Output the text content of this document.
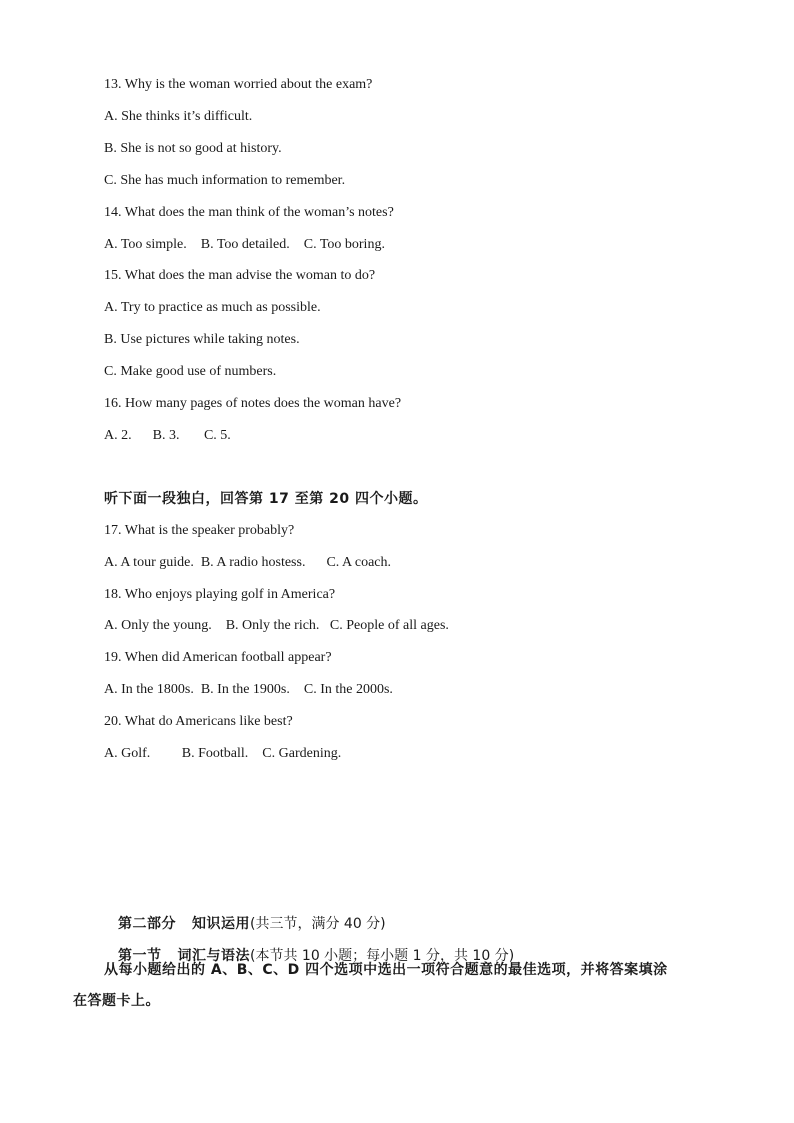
13. Why is the woman worried about the exam?
A. She thinks it’s difficult.
B. She is not so good at history.
C. She has much information to remember.
14. What does the man think of the woman’s notes?
A. Too simple.    B. Too detailed.    C. Too boring.
15. What does the man advise the woman to do?
A. Try to practice as much as possible.
B. Use pictures while taking notes.
C. Make good use of numbers.
16. How many pages of notes does the woman have?
A. 2.      B. 3.       C. 5.
听下面一段独白，回答第 17 至第 20 四个小题。
17. What is the speaker probably?
A. A tour guide.  B. A radio hostess.      C. A coach.
18. Who enjoys playing golf in America?
A. Only the young.    B. Only the rich.   C. People of all ages.
19. When did American football appear?
A. In the 1800s.  B. In the 1900s.    C. In the 2000s.
20. What do Americans like best?
A. Golf.         B. Football.    C. Gardening.

第二部分 知识运用(共三节，满分 40 分)

第一节 词汇与语法(本节共 10 小题；每小题 1 分，共 10 分)

从每小题给出的 A、B、C、D 四个选项中选出一项符合题意的最佳选项，并将答案填涂
在答题卡上。
